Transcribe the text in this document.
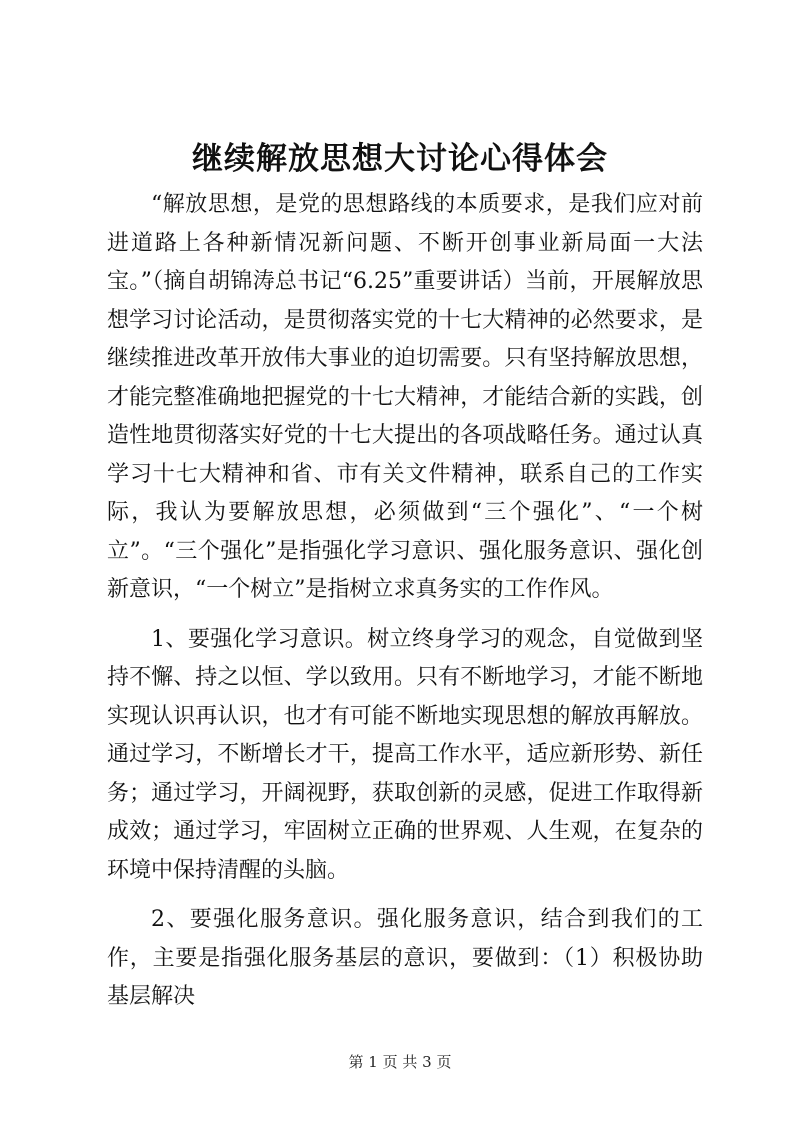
继续解放思想大讨论心得体会

“解放思想，是党的思想路线的本质要求，是我们应对前进道路上各种新情况新问题、不断开创事业新局面一大法宝。”（摘自胡锦涛总书记“6.25”重要讲话）当前，开展解放思想学习讨论活动，是贯彻落实党的十七大精神的必然要求，是继续推进改革开放伟大事业的迫切需要。只有坚持解放思想，才能完整准确地把握党的十七大精神，才能结合新的实践，创造性地贯彻落实好党的十七大提出的各项战略任务。通过认真学习十七大精神和省、市有关文件精神，联系自己的工作实际，我认为要解放思想，必须做到“三个强化”、“一个树立”。“三个强化”是指强化学习意识、强化服务意识、强化创新意识，“一个树立”是指树立求真务实的工作作风。

1、要强化学习意识。树立终身学习的观念，自觉做到坚持不懈、持之以恒、学以致用。只有不断地学习，才能不断地实现认识再认识，也才有可能不断地实现思想的解放再解放。通过学习，不断增长才干，提高工作水平，适应新形势、新任务；通过学习，开阔视野，获取创新的灵感，促进工作取得新成效；通过学习，牢固树立正确的世界观、人生观，在复杂的环境中保持清醒的头脑。

2、要强化服务意识。强化服务意识，结合到我们的工作，主要是指强化服务基层的意识，要做到：（1）积极协助基层解决

第 1 页 共 3 页
